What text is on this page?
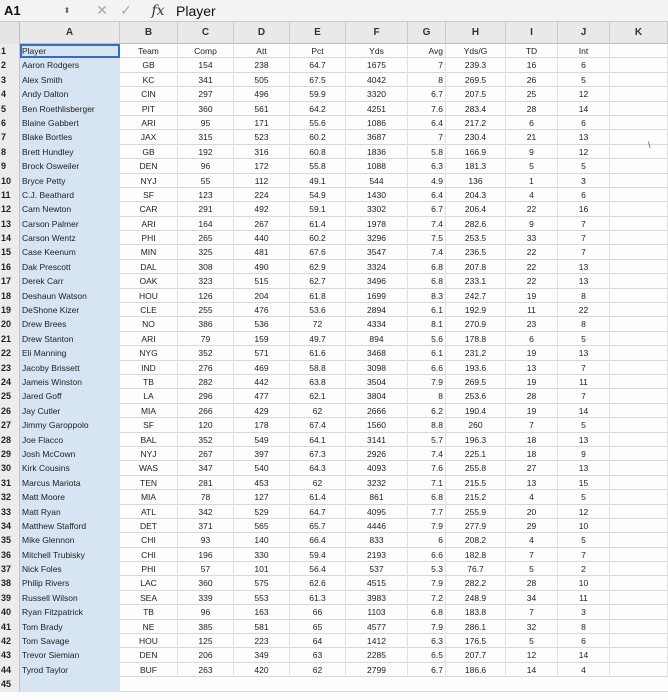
A1	⬍	✕ ✓	fx Player
A	B	C	D	E	F	G	H	I	J	K
1	Player	Team	Comp	Att	Pct	Yds	Avg	Yds/G	TD	Int
2	Aaron Rodgers	GB	154	238	64.7	1675	7	239.3	16	6
3	Alex Smith	KC	341	505	67.5	4042	8	269.5	26	5
4	Andy Dalton	CIN	297	496	59.9	3320	6.7	207.5	25	12
5	Ben Roethlisberger	PIT	360	561	64.2	4251	7.6	283.4	28	14
6	Blaine Gabbert	ARI	95	171	55.6	1086	6.4	217.2	6	6
7	Blake Bortles	JAX	315	523	60.2	3687	7	230.4	21	13
8	Brett Hundley	GB	192	316	60.8	1836	5.8	166.9	9	12
9	Brock Osweiler	DEN	96	172	55.8	1088	6.3	181.3	5	5
10	Bryce Petty	NYJ	55	112	49.1	544	4.9	136	1	3
11	C.J. Beathard	SF	123	224	54.9	1430	6.4	204.3	4	6
12	Cam Newton	CAR	291	492	59.1	3302	6.7	206.4	22	16
13	Carson Palmer	ARI	164	267	61.4	1978	7.4	282.6	9	7
14	Carson Wentz	PHI	265	440	60.2	3296	7.5	253.5	33	7
15	Case Keenum	MIN	325	481	67.6	3547	7.4	236.5	22	7
16	Dak Prescott	DAL	308	490	62.9	3324	6.8	207.8	22	13
17	Derek Carr	OAK	323	515	62.7	3496	6.8	233.1	22	13
18	Deshaun Watson	HOU	126	204	61.8	1699	8.3	242.7	19	8
19	DeShone Kizer	CLE	255	476	53.6	2894	6.1	192.9	11	22
20	Drew Brees	NO	386	536	72	4334	8.1	270.9	23	8
21	Drew Stanton	ARI	79	159	49.7	894	5.6	178.8	6	5
22	Eli Manning	NYG	352	571	61.6	3468	6.1	231.2	19	13
23	Jacoby Brissett	IND	276	469	58.8	3098	6.6	193.6	13	7
24	Jameis Winston	TB	282	442	63.8	3504	7.9	269.5	19	11
25	Jared Goff	LA	296	477	62.1	3804	8	253.6	28	7
26	Jay Cutler	MIA	266	429	62	2666	6.2	190.4	19	14
27	Jimmy Garoppolo	SF	120	178	67.4	1560	8.8	260	7	5
28	Joe Flacco	BAL	352	549	64.1	3141	5.7	196.3	18	13
29	Josh McCown	NYJ	267	397	67.3	2926	7.4	225.1	18	9
30	Kirk Cousins	WAS	347	540	64.3	4093	7.6	255.8	27	13
31	Marcus Mariota	TEN	281	453	62	3232	7.1	215.5	13	15
32	Matt Moore	MIA	78	127	61.4	861	6.8	215.2	4	5
33	Matt Ryan	ATL	342	529	64.7	4095	7.7	255.9	20	12
34	Matthew Stafford	DET	371	565	65.7	4446	7.9	277.9	29	10
35	Mike Glennon	CHI	93	140	66.4	833	6	208.2	4	5
36	Mitchell Trubisky	CHI	196	330	59.4	2193	6.6	182.8	7	7
37	Nick Foles	PHI	57	101	56.4	537	5.3	76.7	5	2
38	Philip Rivers	LAC	360	575	62.6	4515	7.9	282.2	28	10
39	Russell Wilson	SEA	339	553	61.3	3983	7.2	248.9	34	11
40	Ryan Fitzpatrick	TB	96	163	66	1103	6.8	183.8	7	3
41	Tom Brady	NE	385	581	65	4577	7.9	286.1	32	8
42	Tom Savage	HOU	125	223	64	1412	6.3	176.5	5	6
43	Trevor Siemian	DEN	206	349	63	2285	6.5	207.7	12	14
44	Tyrod Taylor	BUF	263	420	62	2799	6.7	186.6	14	4
45
\
